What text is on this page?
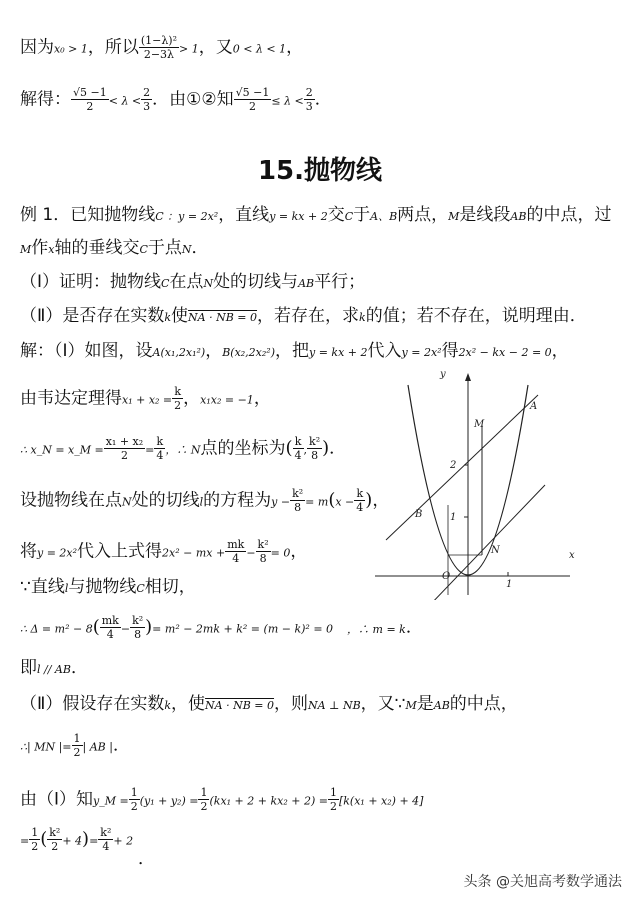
因为x₀ > 1，所以 $\frac{\text{(1−λ)²}}{2-3\lambda} > 1$，又0 < λ < 1，
解得： $\frac{√5 -1}{2} < \lambda < \frac{2}{3}$ ．由①②知 $\frac{√5 -1}{2} \le \lambda < \frac{2}{3}$ ．
15.抛物线
例 1．已知抛物线C ：y = 2x²，直线y = kx + 2交C于A、B两点，M是线段AB的中点，过
M作x轴的垂线交C于点N．
（Ⅰ）证明：抛物线C在点N处的切线与AB平行；
（Ⅱ）是否存在实数k使NA · NB = 0，若存在，求k的值；若不存在，说明理由．
解：（Ⅰ）如图，设A(x₁,2x₁²)，B(x₂,2x₂²)，把y = kx + 2代入y = 2x²得2x² − kx − 2 = 0，
由韦达定理得$x_1 + x_2 = \frac{k}{2}$ ，x₁x₂ = −1，
∴ x_N = x_M = $\frac{\text{x₁ + x₂}}{2} = \frac{k}{4}$ ，∴ N点的坐标为( $\frac{k}{4}$ , $\frac{\text{k²}}{8}$ )．
设抛物线在点N处的切线l的方程为$y - \frac{\text{k²}}{8} = m(x - \frac{k}{4}$ )，
将y = 2x²代入上式得2x² − mx + $\frac{mk}{4} - \frac{\text{k²}}{8} = 0$，
∵直线l与抛物线C相切，
∴ $\Delta = m^2 - 8( \frac{mk}{4} - \frac{\text{k²}}{8}$ )= m² − 2mk + k² = (m − k)² = 0 ，∴ m = k．
即l // AB．
（Ⅱ）假设存在实数k，使NA · NB = 0，则NA ⊥ NB，又∵M是AB的中点，
∴| MN |= $\frac{1}{2}$ | AB |．
由（Ⅰ）知y_M = $\frac{1}{2} (y_1 + y_2) = \frac{1}{2} (kx_1 + 2 + kx_2 + 2) = \frac{1}{2} [k(x_1 + x_2) + 4]$
= $\frac{1}{2}$ ( $\frac{\text{k²}}{2} + 4)= \frac{\text{k²}}{4} + 2$
．
y
x
O
1
1
2
A
B
M
N
头条 @关旭高考数学通法
